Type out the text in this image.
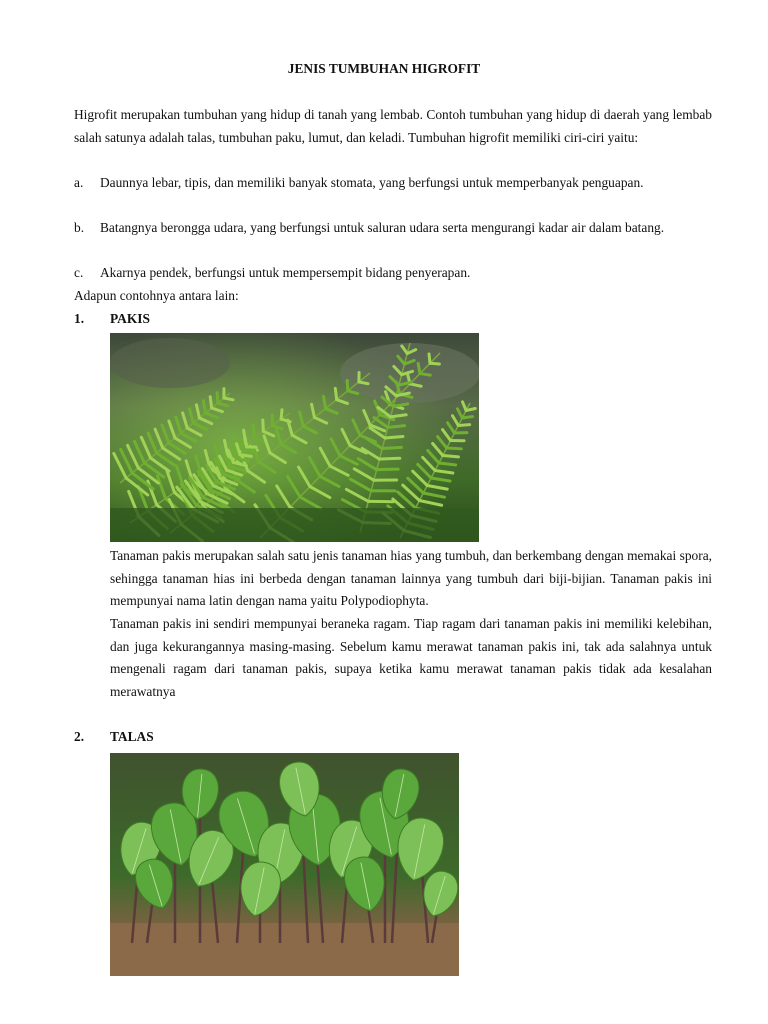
JENIS TUMBUHAN HIGROFIT

Higrofit merupakan tumbuhan yang hidup di tanah yang lembab. Contoh tumbuhan yang hidup di daerah yang lembab salah satunya adalah talas, tumbuhan paku, lumut, dan keladi. Tumbuhan higrofit memiliki ciri-ciri yaitu:

a. Daunnya lebar, tipis, dan memiliki banyak stomata, yang berfungsi untuk memperbanyak penguapan.
b. Batangnya berongga udara, yang berfungsi untuk saluran udara serta mengurangi kadar air dalam batang.
c. Akarnya pendek, berfungsi untuk mempersempit bidang penyerapan.

Adapun contohnya antara lain:

1. PAKIS

Tanaman pakis merupakan salah satu jenis tanaman hias yang tumbuh, dan berkembang dengan memakai spora, sehingga tanaman hias ini berbeda dengan tanaman lainnya yang tumbuh dari biji-bijian. Tanaman pakis ini mempunyai nama latin dengan nama yaitu Polypodiophyta.

Tanaman pakis ini sendiri mempunyai beraneka ragam. Tiap ragam dari tanaman pakis ini memiliki kelebihan, dan juga kekurangannya masing-masing. Sebelum kamu merawat tanaman pakis ini, tak ada salahnya untuk mengenali ragam dari tanaman pakis, supaya ketika kamu merawat tanaman pakis tidak ada kesalahan merawatnya

2. TALAS
